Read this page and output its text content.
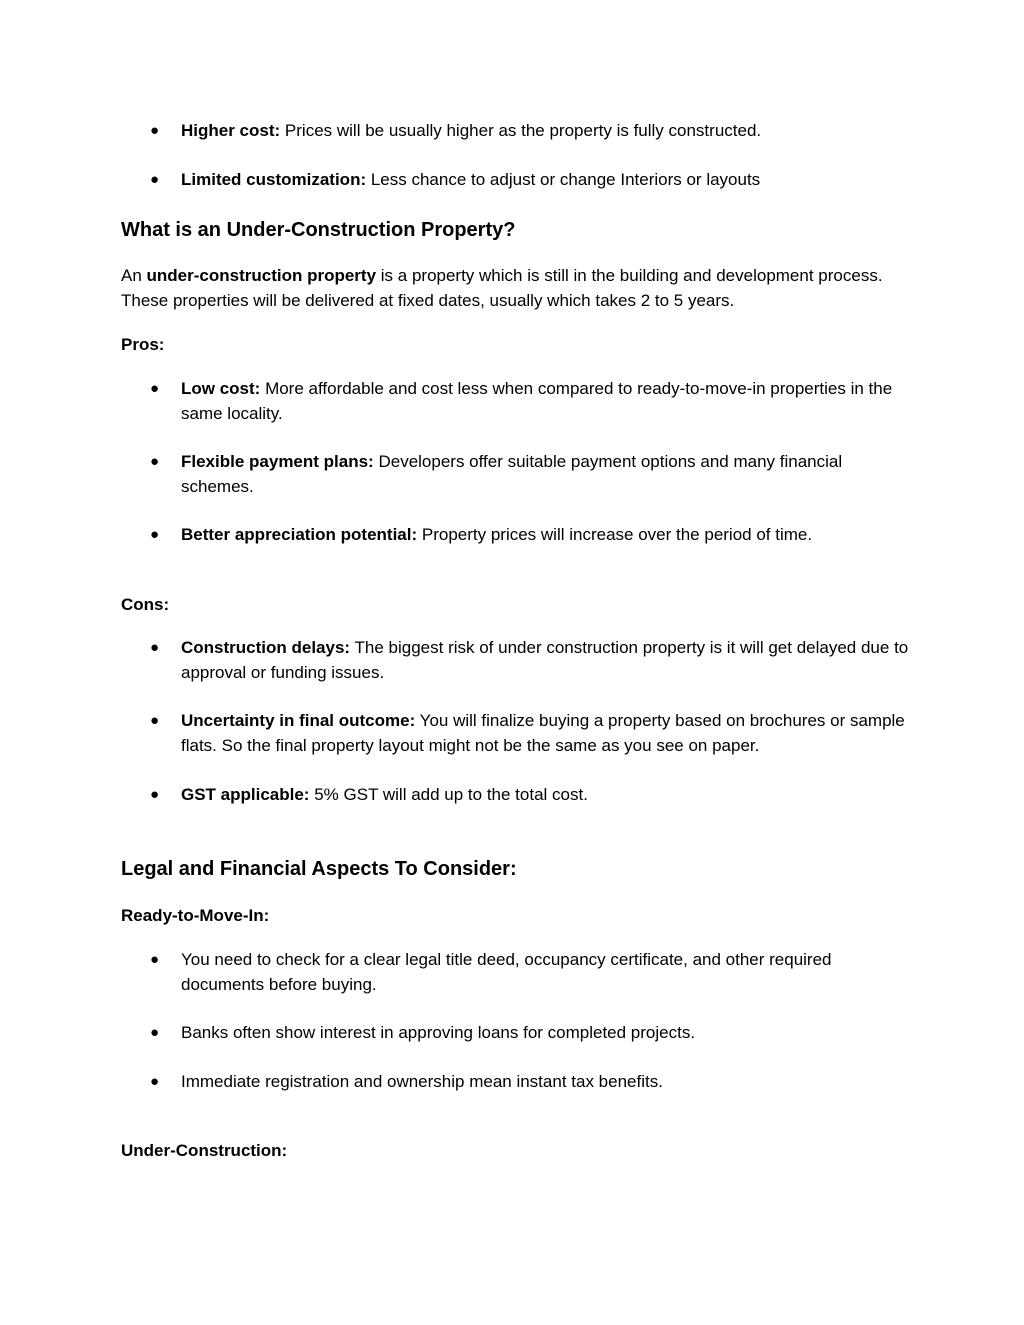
●	Higher cost: Prices will be usually higher as the property is fully constructed.
●	Limited customization: Less chance to adjust or change Interiors or layouts
What is an Under-Construction Property?

An under-construction property is a property which is still in the building and development process. These properties will be delivered at fixed dates, usually which takes 2 to 5 years.

Pros:
●	Low cost: More affordable and cost less when compared to ready-to-move-in properties in the same locality.
●	Flexible payment plans: Developers offer suitable payment options and many financial schemes.
●	Better appreciation potential: Property prices will increase over the period of time.
Cons:
●	Construction delays: The biggest risk of under construction property is it will get delayed due to approval or funding issues.
●	Uncertainty in final outcome: You will finalize buying a property based on brochures or sample flats. So the final property layout might not be the same as you see on paper.
●	GST applicable: 5% GST will add up to the total cost.
Legal and Financial Aspects To Consider:
Ready-to-Move-In:
●	You need to check for a clear legal title deed, occupancy certificate, and other required documents before buying.
●	Banks often show interest in approving loans for completed projects.
●	Immediate registration and ownership mean instant tax benefits.
Under-Construction:
